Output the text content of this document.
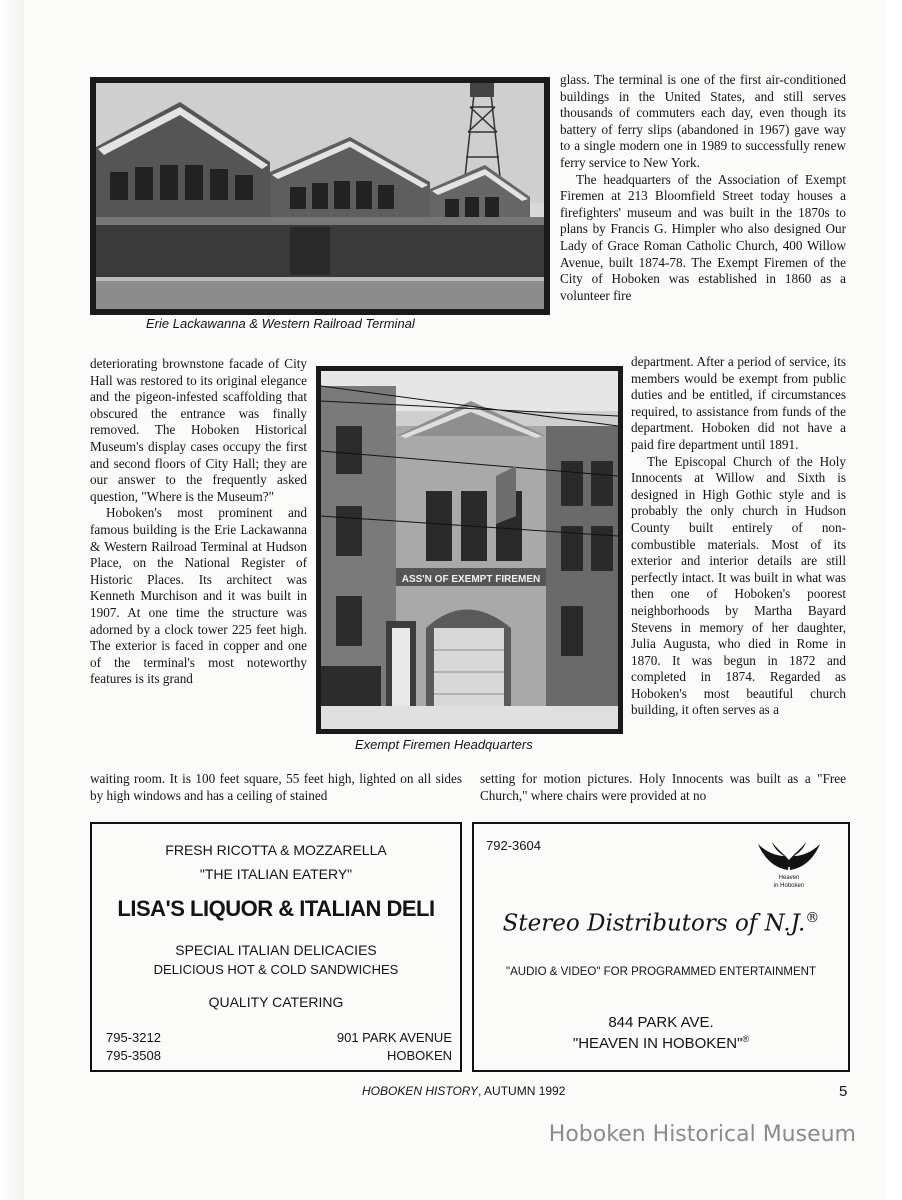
Erie Lackawanna & Western Railroad Terminal
ASS'N OF EXEMPT FIREMEN
Exempt Firemen Headquarters

glass. The terminal is one of the first air-conditioned buildings in the United States, and still serves thousands of commuters each day, even though its battery of ferry slips (abandoned in 1967) gave way to a single modern one in 1989 to successfully renew ferry service to New York.

The headquarters of the Association of Exempt Firemen at 213 Bloomfield Street today houses a firefighters' museum and was built in the 1870s to plans by Francis G. Himpler who also designed Our Lady of Grace Roman Catholic Church, 400 Willow Avenue, built 1874-78. The Exempt Firemen of the City of Hoboken was established in 1860 as a volunteer fire

department. After a period of service, its members would be exempt from public duties and be entitled, if circumstances required, to assistance from funds of the department. Hoboken did not have a paid fire department until 1891.

The Episcopal Church of the Holy Innocents at Willow and Sixth is designed in High Gothic style and is probably the only church in Hudson County built entirely of non-combustible materials. Most of its exterior and interior details are still perfectly intact. It was built in what was then one of Hoboken's poorest neighborhoods by Martha Bayard Stevens in memory of her daughter, Julia Augusta, who died in Rome in 1870. It was begun in 1872 and completed in 1874. Regarded as Hoboken's most beautiful church building, it often serves as a

deteriorating brownstone facade of City Hall was restored to its original elegance and the pigeon-infested scaffolding that obscured the entrance was finally removed. The Hoboken Historical Museum's display cases occupy the first and second floors of City Hall; they are our answer to the frequently asked question, "Where is the Museum?"

Hoboken's most prominent and famous building is the Erie Lackawanna & Western Railroad Terminal at Hudson Place, on the National Register of Historic Places. Its architect was Kenneth Murchison and it was built in 1907. At one time the structure was adorned by a clock tower 225 feet high. The exterior is faced in copper and one of the terminal's most noteworthy features is its grand

waiting room. It is 100 feet square, 55 feet high, lighted on all sides by high windows and has a ceiling of stained

setting for motion pictures. Holy Innocents was built as a "Free Church," where chairs were provided at no

FRESH RICOTTA & MOZZARELLA
"THE ITALIAN EATERY"
LISA'S LIQUOR & ITALIAN DELI
SPECIAL ITALIAN DELICACIES
DELICIOUS HOT & COLD SANDWICHES
QUALITY CATERING
795-3212
795-3508
901 PARK AVENUE
HOBOKEN
792-3604
Heaven
in Hoboken
Stereo Distributors of N.J.®
"AUDIO & VIDEO" FOR PROGRAMMED ENTERTAINMENT
844 PARK AVE.
"HEAVEN IN HOBOKEN"®
HOBOKEN HISTORY, AUTUMN 1992	5
Hoboken Historical Museum
